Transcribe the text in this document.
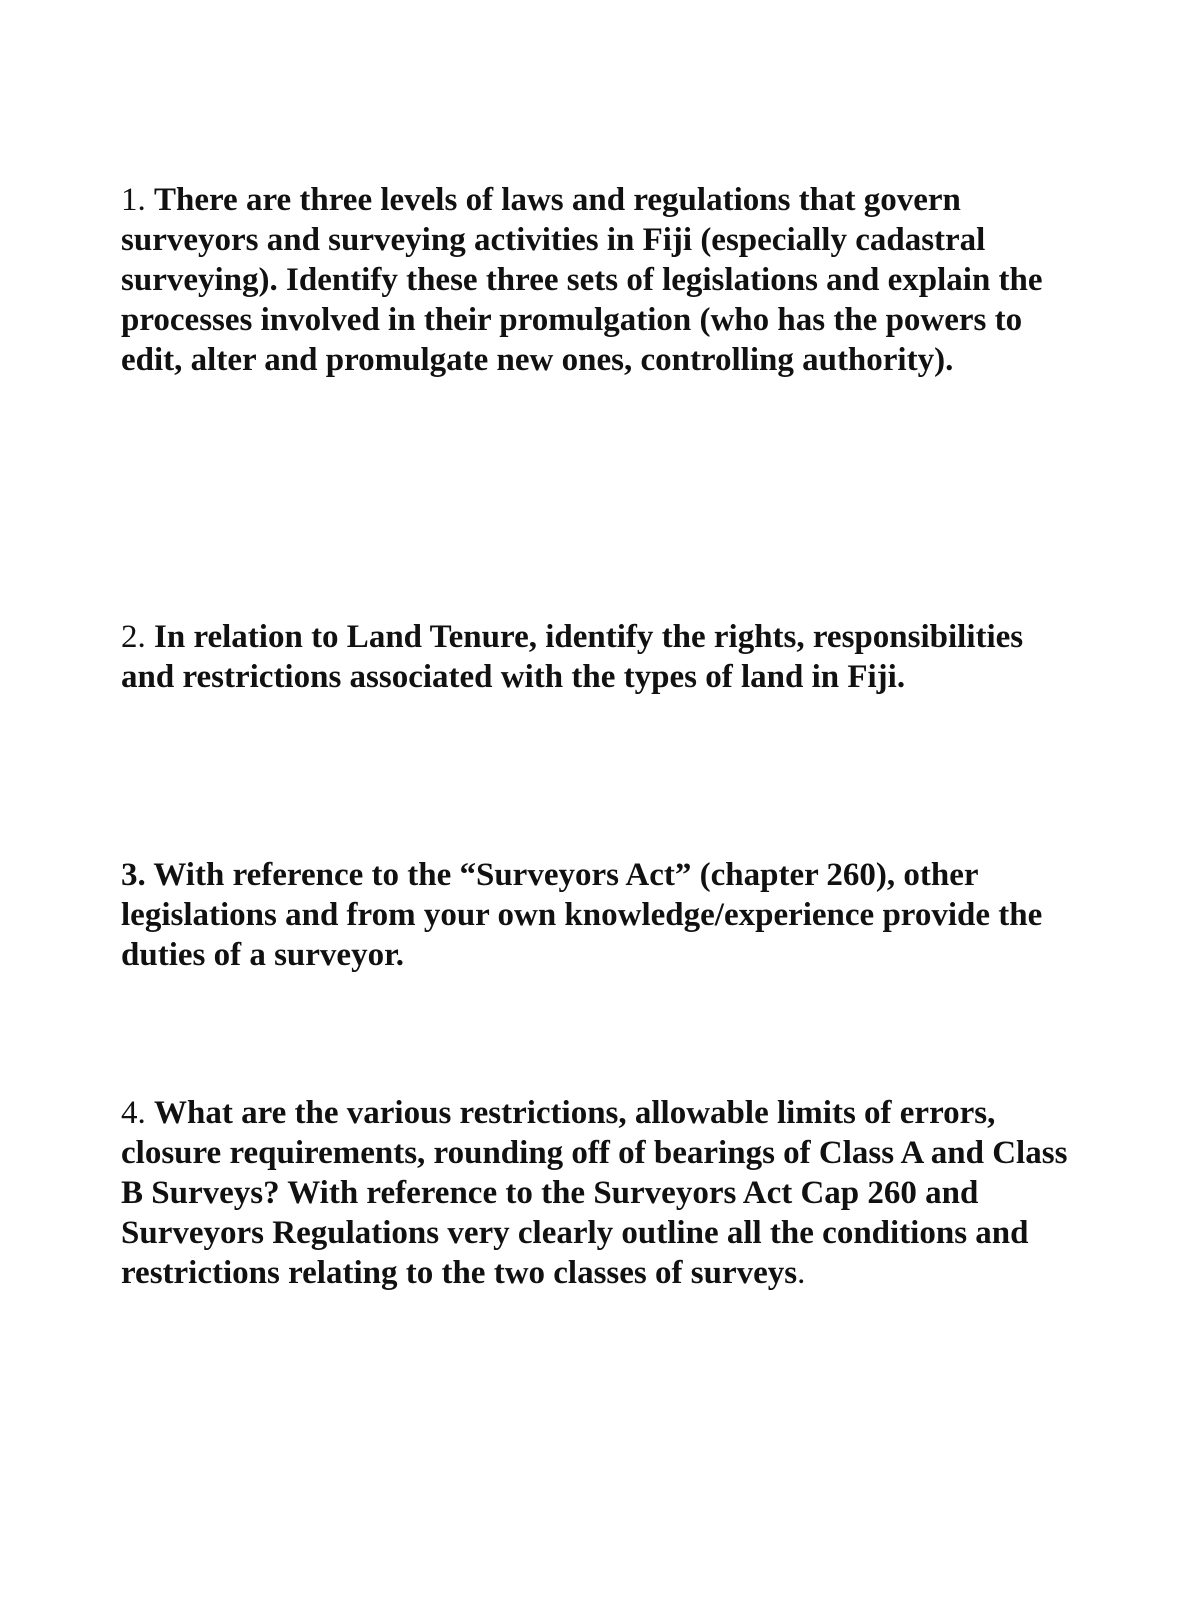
1. There are three levels of laws and regulations that govern surveyors and surveying activities in Fiji (especially cadastral surveying). Identify these three sets of legislations and explain the processes involved in their promulgation (who has the powers to edit, alter and promulgate new ones, controlling authority).

2. In relation to Land Tenure, identify the rights, responsibilities and restrictions associated with the types of land in Fiji.

3. With reference to the “Surveyors Act” (chapter 260), other legislations and from your own knowledge/experience provide the duties of a surveyor.

4. What are the various restrictions, allowable limits of errors, closure requirements, rounding off of bearings of Class A and Class B Surveys? With reference to the Surveyors Act Cap 260 and Surveyors Regulations very clearly outline all the conditions and restrictions relating to the two classes of surveys.
